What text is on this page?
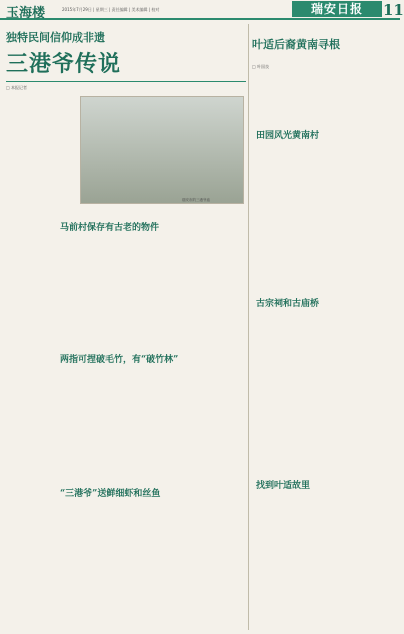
玉海楼	2015年7月29日 | 星期三 | 责任编辑 | 美术编辑 | 校对	瑞安日报	11
独特民间信仰成非遗
三港爷传说
□ 本报记者
瑞安市的三港爷庙
马前村保存有古老的物件
两指可捏破毛竹，有“破竹林”
“三港爷”送鲜细虾和丝鱼
叶适后裔黄南寻根
□ 叶国良
田园风光黄南村
古宗祠和古庙桥
找到叶适故里
